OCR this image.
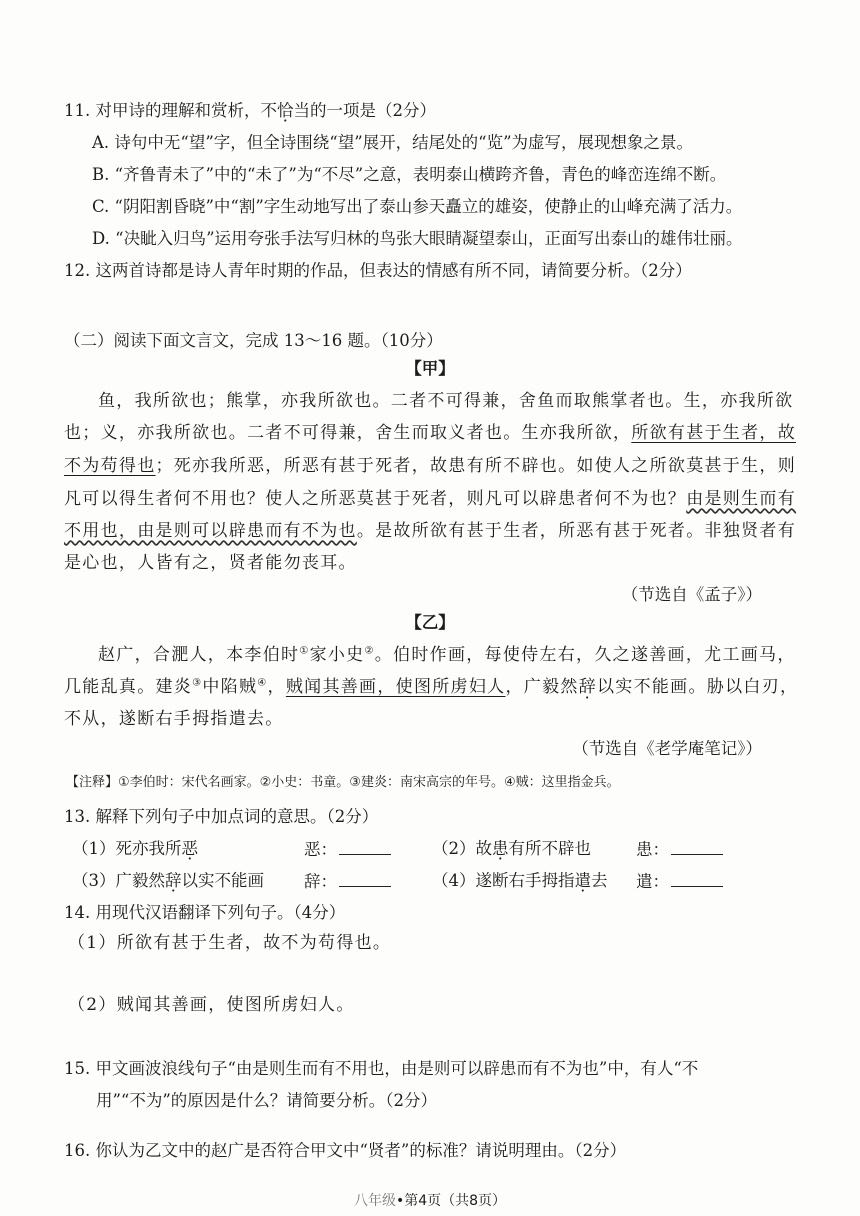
11. 对甲诗的理解和赏析，不恰当的一项是（2分）
A. 诗句中无“望”字，但全诗围绕“望”展开，结尾处的“览”为虚写，展现想象之景。
B. “齐鲁青未了”中的“未了”为“不尽”之意，表明泰山横跨齐鲁，青色的峰峦连绵不断。
C. “阴阳割昏晓”中“割”字生动地写出了泰山参天矗立的雄姿，使静止的山峰充满了活力。
D. “决眦入归鸟”运用夸张手法写归林的鸟张大眼睛凝望泰山，正面写出泰山的雄伟壮丽。
12. 这两首诗都是诗人青年时期的作品，但表达的情感有所不同，请简要分析。（2分）
（二）阅读下面文言文，完成 13～16 题。（10分）
【甲】
鱼，我所欲也；熊掌，亦我所欲也。二者不可得兼，舍鱼而取熊掌者也。生，亦我所欲
也；义，亦我所欲也。二者不可得兼，舍生而取义者也。生亦我所欲，所欲有甚于生者，故
不为苟得也；死亦我所恶，所恶有甚于死者，故患有所不辟也。如使人之所欲莫甚于生，则
凡可以得生者何不用也？使人之所恶莫甚于死者，则凡可以辟患者何不为也？由是则生而有
不用也，由是则可以辟患而有不为也。是故所欲有甚于生者，所恶有甚于死者。非独贤者有
是心也，人皆有之，贤者能勿丧耳。
（节选自《孟子》）
【乙】
赵广，合淝人，本李伯时①家小史②。伯时作画，每使侍左右，久之遂善画，尤工画马，
几能乱真。建炎③中陷贼④，贼闻其善画，使图所虏妇人，广毅然辞以实不能画。胁以白刃，
不从，遂断右手拇指遣去。
（节选自《老学庵笔记》）
【注释】①李伯时：宋代名画家。②小史：书童。③建炎：南宋高宗的年号。④贼：这里指金兵。
13. 解释下列句子中加点词的意思。（2分）
（1）死亦我所恶	恶：	（2）故患有所不辟也	患：
（3）广毅然辞以实不能画 辞：	（4）遂断右手拇指遣去 遣：
14. 用现代汉语翻译下列句子。（4分）
（1）所欲有甚于生者，故不为苟得也。
（2）贼闻其善画，使图所虏妇人。
15. 甲文画波浪线句子“由是则生而有不用也，由是则可以辟患而有不为也”中，有人“不
用”“不为”的原因是什么？请简要分析。（2分）
16. 你认为乙文中的赵广是否符合甲文中“贤者”的标准？请说明理由。（2分）
八年级•第4页（共8页）
